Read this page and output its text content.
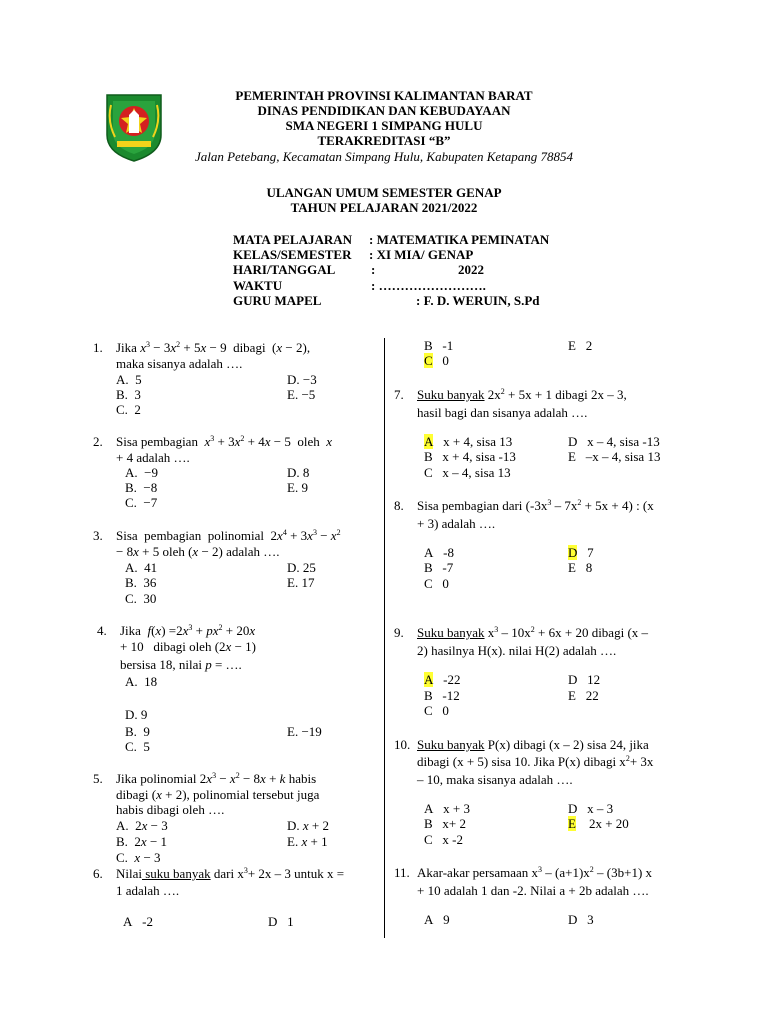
PEMERINTAH PROVINSI KALIMANTAN BARAT
DINAS PENDIDIKAN DAN KEBUDAYAAN
SMA NEGERI 1 SIMPANG HULU
TERAKREDITASI “B”
Jalan Petebang, Kecamatan Simpang Hulu, Kabupaten Ketapang 78854
ULANGAN UMUM SEMESTER GENAP
TAHUN PELAJARAN 2021/2022
MATA PELAJARAN : MATEMATIKA PEMINATAN
KELAS/SEMESTER : XI MIA/ GENAP
HARI/TANGGAL	:	2022
WAKTU	: …………………….
GURU MAPEL	: F. D. WERUIN, S.Pd
1. Jika $x^3 - 3x^2 + 5x - 9$  dibagi  (x − 2),
maka sisanya adalah ….
A.  5	D. −3
B.  3	E. −5
C.  2
2. Sisa pembagian  $x^3 + 3x^2 + 4x - 5$  oleh  x
+ 4 adalah ….
A.  −9	D. 8
B.  −8	E. 9
C.  −7
3. Sisa  pembagian  polinomial  $2x^4 + 3x^3 - x^2$
− 8x + 5 oleh (x − 2) adalah ….
A.  41	D. 25
B.  36	E. 17
C.  30
4. Jika  $f(x) =2x^3 + px^2 + 20x$
+ 10   dibagi oleh (2x − 1)
bersisa 18, nilai p = ….
A.  18
D. 9
B.  9	E. −19
C.  5
5. Jika polinomial $2x^3 - x^2 - 8x + k$ habis
dibagi (x + 2), polinomial tersebut juga
habis dibagi oleh ….
A.  2x − 3	D. x + 2
B.  2x − 1	E. x + 1
C.  x − 3
6. Nilai suku banyak dari $x^3+ 2x - 3$ untuk x =
1 adalah ….
A   -2	D   1
B   -1	E   2
C   0
7. Suku banyak $2x^2 + 5x + 1$ dibagi 2x – 3,
hasil bagi dan sisanya adalah ….
A   x + 4, sisa 13	D   x – 4, sisa -13
B   x + 4, sisa -13	E   –x – 4, sisa 13
C   x – 4, sisa 13
8. Sisa pembagian dari $(-3x^3 - 7x^2 + 5x + 4)$ : (x
+ 3) adalah ….
A   -8	D   7
B   -7	E   8
C   0
9. Suku banyak $x^3 - 10x^2 + 6x + 20$ dibagi (x –
2) hasilnya H(x). nilai H(2) adalah ….
A   -22	D   12
B   -12	E   22
C   0
10. Suku banyak P(x) dibagi (x – 2) sisa 24, jika
dibagi (x + 5) sisa 10. Jika P(x) dibagi $x^2+ 3x$
– 10, maka sisanya adalah ….
A   x + 3	D   x – 3
B   x+ 2	E    2x + 20
C   x -2
11. Akar-akar persamaan $x^3 - (a+1)x^2 - (3b+1)$ x
+ 10 adalah 1 dan -2. Nilai a + 2b adalah ….
A   9	D   3
